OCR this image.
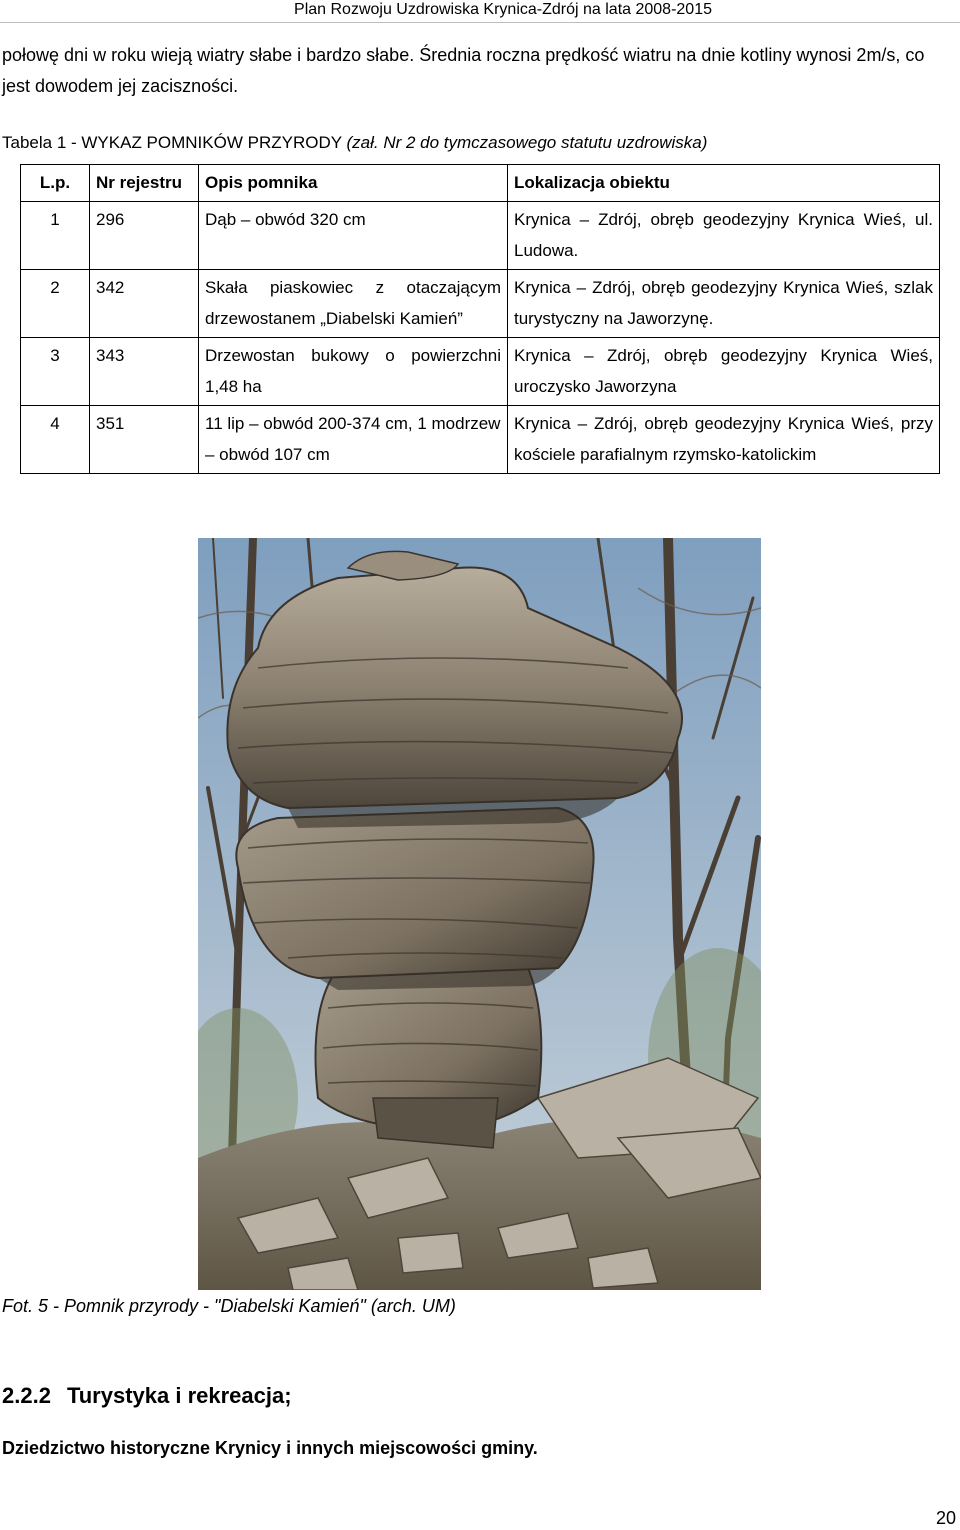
Plan Rozwoju Uzdrowiska Krynica-Zdrój na lata 2008-2015

połowę dni w roku wieją wiatry słabe i bardzo słabe. Średnia roczna prędkość wiatru na dnie kotliny wynosi 2m/s, co jest dowodem jej zaciszności.

Tabela 1 - WYKAZ POMNIKÓW PRZYRODY (zał. Nr 2 do tymczasowego statutu uzdrowiska)
L.p.	Nr rejestru	Opis pomnika	Lokalizacja obiektu
1	296	Dąb – obwód 320 cm	Krynica – Zdrój, obręb geodezyjny Krynica Wieś, ul. Ludowa.
2	342	Skała piaskowiec z otaczającym drzewostanem „Diabelski Kamień”	Krynica – Zdrój, obręb geodezyjny Krynica Wieś, szlak turystyczny na Jaworzynę.
3	343	Drzewostan bukowy o powierzchni 1,48 ha	Krynica – Zdrój, obręb geodezyjny Krynica Wieś, uroczysko Jaworzyna
4	351	11 lip – obwód 200-374 cm, 1 modrzew – obwód 107 cm	Krynica – Zdrój, obręb geodezyjny Krynica Wieś, przy kościele parafialnym rzymsko-katolickim
Fot. 5 - Pomnik przyrody - "Diabelski Kamień" (arch. UM)
2.2.2 Turystyka i rekreacja;
Dziedzictwo historyczne Krynicy i innych miejscowości gminy.
20
